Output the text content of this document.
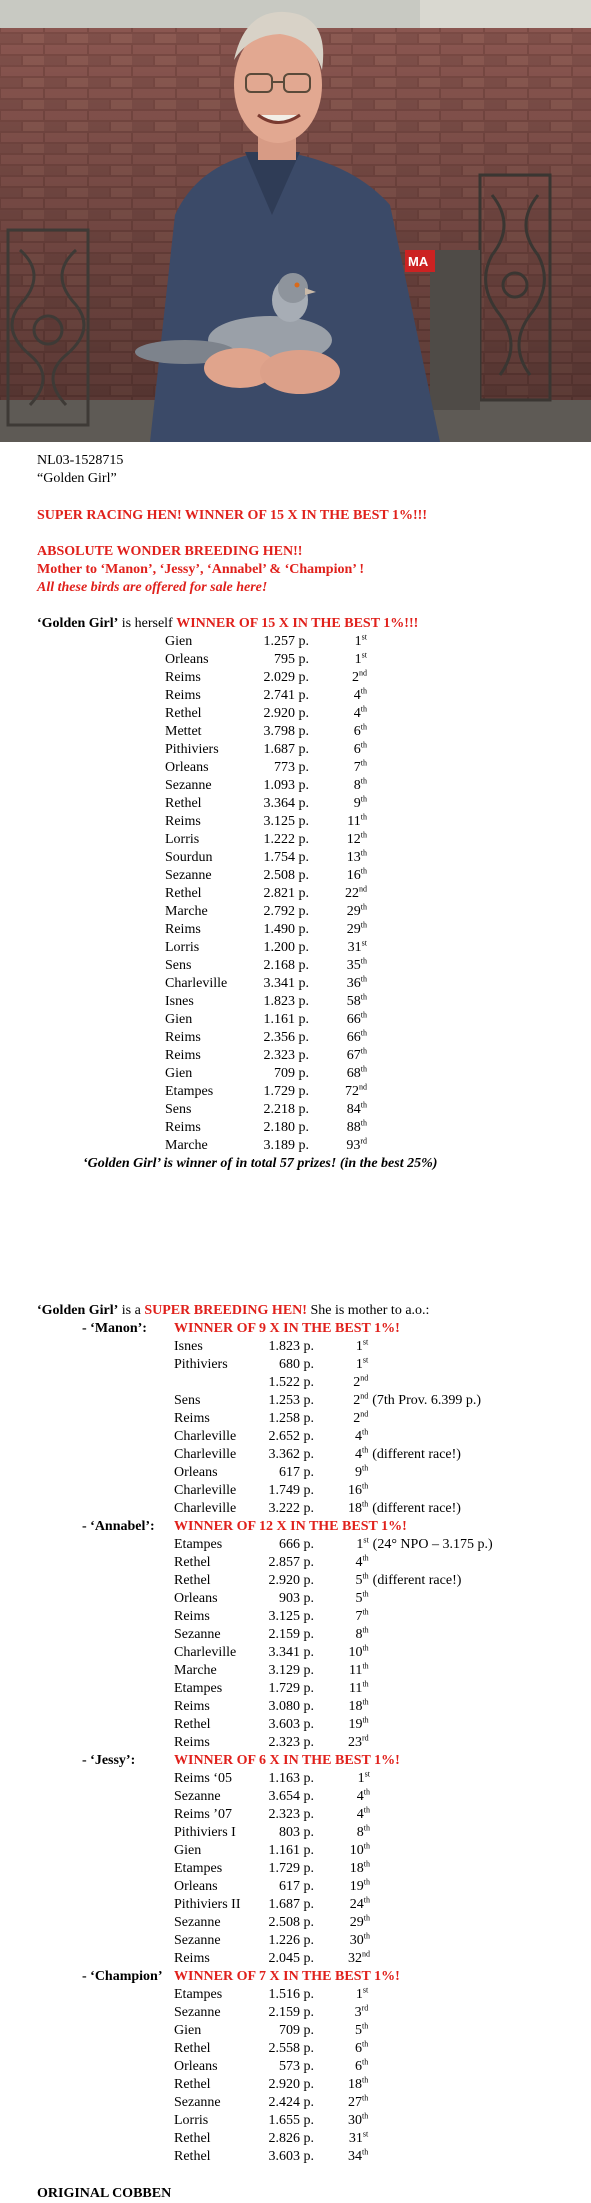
MA
NL03-1528715
“Golden Girl”
SUPER RACING HEN! WINNER OF 15 X IN THE BEST 1%!!!
ABSOLUTE WONDER BREEDING HEN!!
Mother to ‘Manon’, ‘Jessy’, ‘Annabel’ & ‘Champion’ !
All these birds are offered for sale here!
‘Golden Girl’ is herself WINNER OF 15 X IN THE BEST 1%!!!
Gien	1.257 p.	1st
Orleans	795 p.	1st
Reims	2.029 p.	2nd
Reims	2.741 p.	4th
Rethel	2.920 p.	4th
Mettet	3.798 p.	6th
Pithiviers	1.687 p.	6th
Orleans	773 p.	7th
Sezanne	1.093 p.	8th
Rethel	3.364 p.	9th
Reims	3.125 p.	11th
Lorris	1.222 p.	12th
Sourdun	1.754 p.	13th
Sezanne	2.508 p.	16th
Rethel	2.821 p.	22nd
Marche	2.792 p.	29th
Reims	1.490 p.	29th
Lorris	1.200 p.	31st
Sens	2.168 p.	35th
Charleville	3.341 p.	36th
Isnes	1.823 p.	58th
Gien	1.161 p.	66th
Reims	2.356 p.	66th
Reims	2.323 p.	67th
Gien	709 p.	68th
Etampes	1.729 p.	72nd
Sens	2.218 p.	84th
Reims	2.180 p.	88th
Marche	3.189 p.	93rd
‘Golden Girl’ is winner of in total 57 prizes! (in the best 25%)
‘Golden Girl’ is a SUPER BREEDING HEN! She is mother to a.o.:
- ‘Manon’: WINNER OF 9 X IN THE BEST 1%!
Isnes	1.823 p.	1st	
Pithiviers	680 p.	1st	
	1.522 p.	2nd	
Sens	1.253 p.	2nd	(7th Prov. 6.399 p.)
Reims	1.258 p.	2nd	
Charleville	2.652 p.	4th	
Charleville	3.362 p.	4th	(different race!)
Orleans	617 p.	9th	
Charleville	1.749 p.	16th	
Charleville	3.222 p.	18th	(different race!)
- ‘Annabel’: WINNER OF 12 X IN THE BEST 1%!
Etampes	666 p.	1st	(24° NPO – 3.175 p.)
Rethel	2.857 p.	4th	
Rethel	2.920 p.	5th	(different race!)
Orleans	903 p.	5th	
Reims	3.125 p.	7th	
Sezanne	2.159 p.	8th	
Charleville	3.341 p.	10th	
Marche	3.129 p.	11th	
Etampes	1.729 p.	11th	
Reims	3.080 p.	18th	
Rethel	3.603 p.	19th	
Reims	2.323 p.	23rd	
- ‘Jessy’:	WINNER OF 6 X IN THE BEST 1%!
Reims ‘05	1.163 p.	1st	
Sezanne	3.654 p.	4th	
Reims ’07	2.323 p.	4th	
Pithiviers I	803 p.	8th	
Gien	1.161 p.	10th	
Etampes	1.729 p.	18th	
Orleans	617 p.	19th	
Pithiviers II	1.687 p.	24th	
Sezanne	2.508 p.	29th	
Sezanne	1.226 p.	30th	
Reims	2.045 p.	32nd	
- ‘Champion’ WINNER OF 7 X IN THE BEST 1%!
Etampes	1.516 p.	1st	
Sezanne	2.159 p.	3rd	
Gien	709 p.	5th	
Rethel	2.558 p.	6th	
Orleans	573 p.	6th	
Rethel	2.920 p.	18th	
Sezanne	2.424 p.	27th	
Lorris	1.655 p.	30th	
Rethel	2.826 p.	31st	
Rethel	3.603 p.	34th	
ORIGINAL COBBEN
